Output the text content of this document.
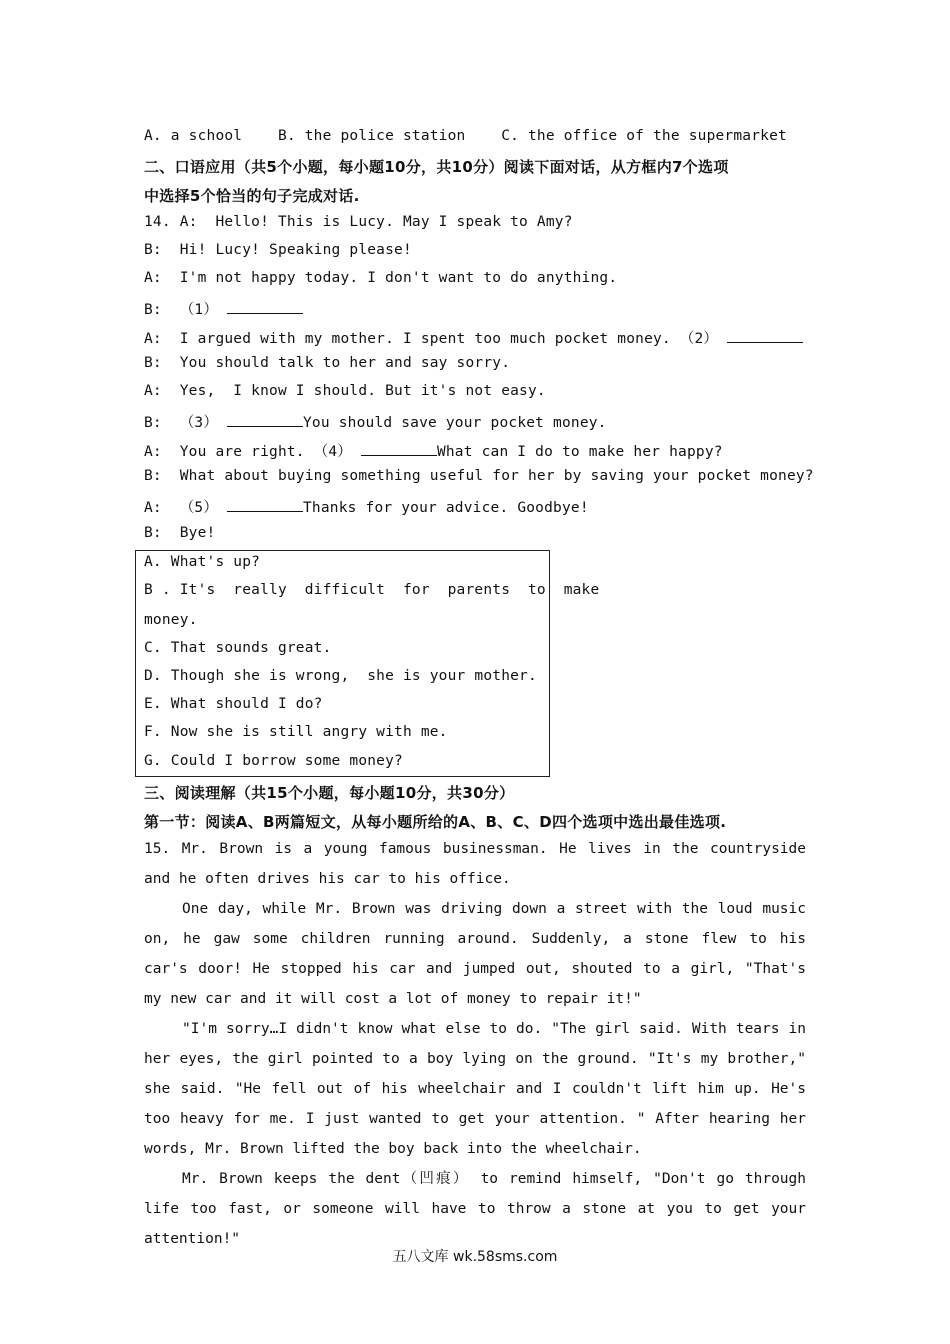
A. a school    B. the police station    C. the office of the supermarket
二、口语应用（共5个小题，每小题10分，共10分）阅读下面对话，从方框内7个选项
中选择5个恰当的句子完成对话.
14. A:  Hello! This is Lucy. May I speak to Amy?
B:  Hi! Lucy! Speaking please!
A:  I'm not happy today. I don't want to do anything.
B:  （1）
A:  I argued with my mother. I spent too much pocket money. （2）
B:  You should talk to her and say sorry.
A:  Yes,  I know I should. But it's not easy.
B:  （3）	You should save your pocket money.
A:  You are right. （4）	What can I do to make her happy?
B:  What about buying something useful for her by saving your pocket money?
A:  （5）	Thanks for your advice. Goodbye!
B:  Bye!
A. What's up?
B . It's  really  difficult  for  parents  to  make
money.
C. That sounds great.
D. Though she is wrong,  she is your mother.
E. What should I do?
F. Now she is still angry with me.
G. Could I borrow some money?
三、阅读理解（共15个小题，每小题10分，共30分）
第一节：阅读A、B两篇短文，从每小题所给的A、B、C、D四个选项中选出最佳选项.

15. Mr. Brown is a young famous businessman. He lives in the countryside and he often drives his car to his office.

One day, while Mr. Brown was driving down a street with the loud music on, he gaw some children running around. Suddenly, a stone flew to his car's door! He stopped his car and jumped out, shouted to a girl, "That's my new car and it will cost a lot of money to repair it!"

"I'm sorry…I didn't know what else to do. "The girl said. With tears in her eyes, the girl pointed to a boy lying on the ground. "It's my brother," she said. "He fell out of his wheelchair and I couldn't lift him up. He's too heavy for me. I just wanted to get your attention. " After hearing her words, Mr. Brown lifted the boy back into the wheelchair.

Mr. Brown keeps the dent（凹痕） to remind himself, "Don't go through life too fast, or someone will have to throw a stone at you to get your attention!"

五八文库 wk.58sms.com
